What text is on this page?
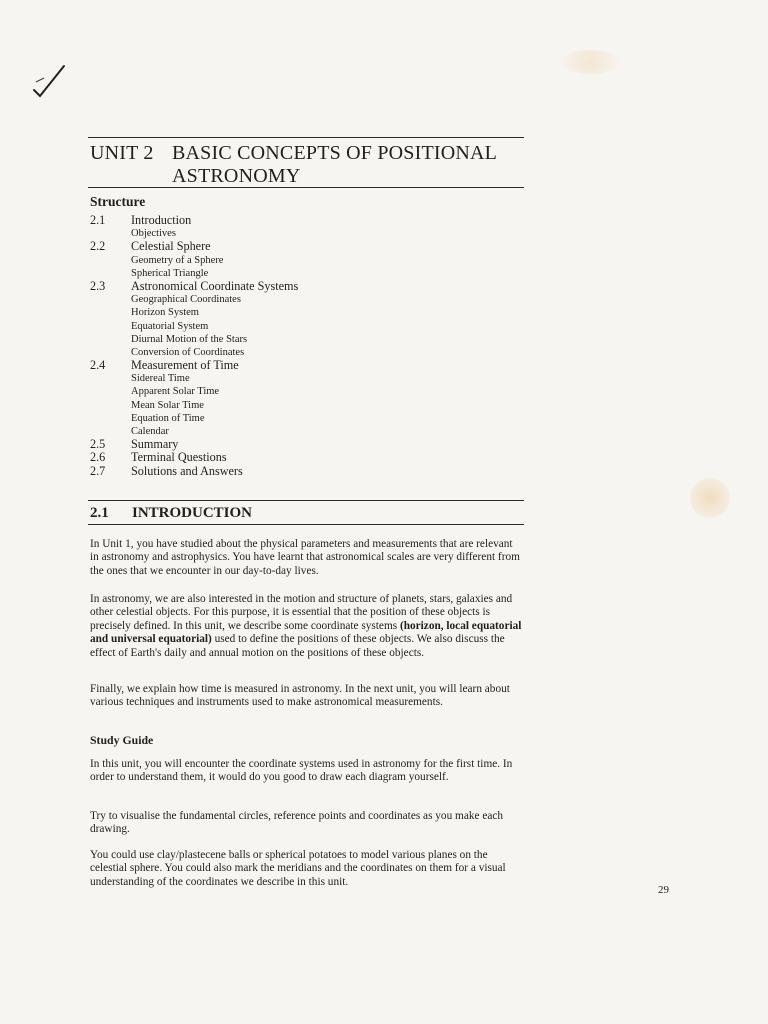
UNIT 2 BASIC CONCEPTS OF POSITIONAL
ASTRONOMY
Structure
2.1	Introduction
Objectives
2.2	Celestial Sphere
Geometry of a Sphere
Spherical Triangle
2.3	Astronomical Coordinate Systems
Geographical Coordinates
Horizon System
Equatorial System
Diurnal Motion of the Stars
Conversion of Coordinates
2.4	Measurement of Time
Sidereal Time
Apparent Solar Time
Mean Solar Time
Equation of Time
Calendar
2.5	Summary
2.6	Terminal Questions
2.7	Solutions and Answers
2.1 INTRODUCTION

In Unit 1, you have studied about the physical parameters and measurements that are relevant in astronomy and astrophysics. You have learnt that astronomical scales are very different from the ones that we encounter in our day-to-day lives.

In astronomy, we are also interested in the motion and structure of planets, stars, galaxies and other celestial objects. For this purpose, it is essential that the position of these objects is precisely defined. In this unit, we describe some coordinate systems (horizon, local equatorial and universal equatorial) used to define the positions of these objects. We also discuss the effect of Earth's daily and annual motion on the positions of these objects.

Finally, we explain how time is measured in astronomy. In the next unit, you will learn about various techniques and instruments used to make astronomical measurements.

Study Guide

In this unit, you will encounter the coordinate systems used in astronomy for the first time. In order to understand them, it would do you good to draw each diagram yourself.

Try to visualise the fundamental circles, reference points and coordinates as you make each drawing.

You could use clay/plastecene balls or spherical potatoes to model various planes on the celestial sphere. You could also mark the meridians and the coordinates on them for a visual understanding of the coordinates we describe in this unit.

29
